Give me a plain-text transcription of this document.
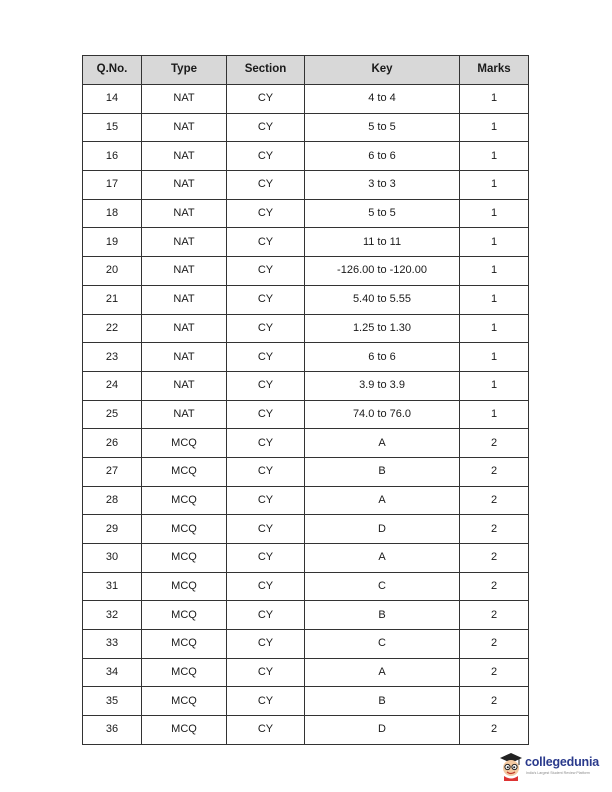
Q.No.	Type	Section	Key	Marks
14	NAT	CY	4 to 4	1
15	NAT	CY	5 to 5	1
16	NAT	CY	6 to 6	1
17	NAT	CY	3 to 3	1
18	NAT	CY	5 to 5	1
19	NAT	CY	11 to 11	1
20	NAT	CY	-126.00 to -120.00	1
21	NAT	CY	5.40 to 5.55	1
22	NAT	CY	1.25 to 1.30	1
23	NAT	CY	6 to 6	1
24	NAT	CY	3.9 to 3.9	1
25	NAT	CY	74.0 to 76.0	1
26	MCQ	CY	A	2
27	MCQ	CY	B	2
28	MCQ	CY	A	2
29	MCQ	CY	D	2
30	MCQ	CY	A	2
31	MCQ	CY	C	2
32	MCQ	CY	B	2
33	MCQ	CY	C	2
34	MCQ	CY	A	2
35	MCQ	CY	B	2
36	MCQ	CY	D	2
collegedunia
India's Largest Student Review Platform
